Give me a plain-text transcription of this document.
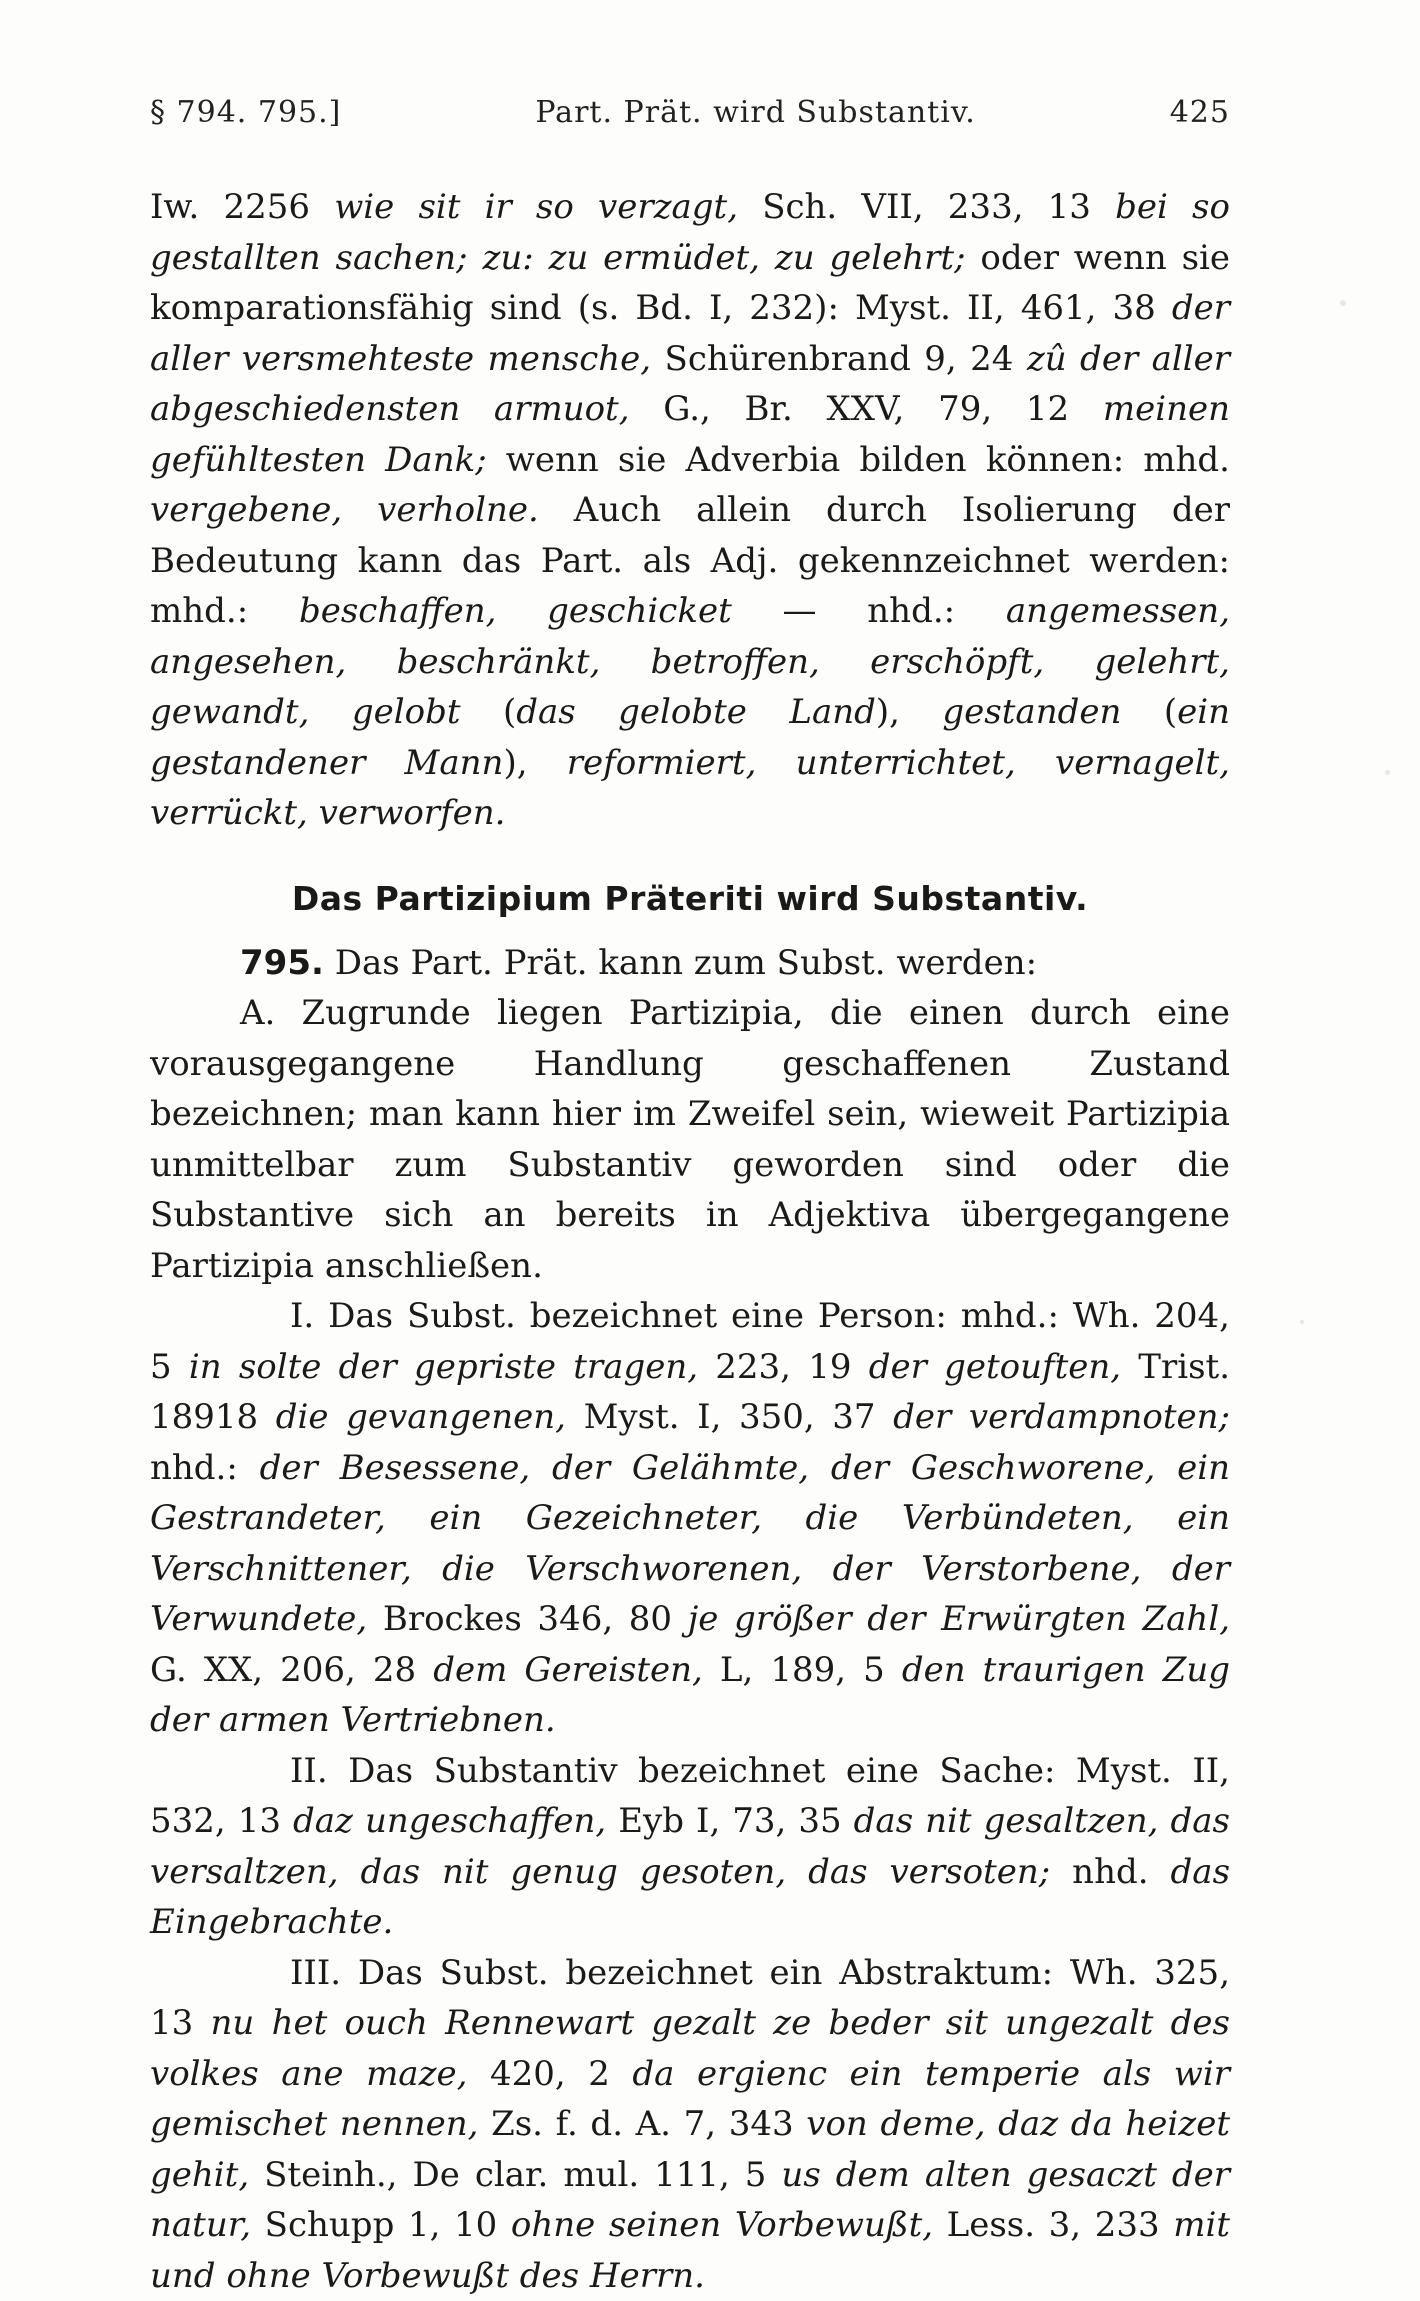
§ 794. 795.]	Part. Prät. wird Substantiv.	425

Iw. 2256 wie sit ir so verzagt, Sch. VII, 233, 13 bei so gestallten sachen; zu: zu ermüdet, zu gelehrt; oder wenn sie komparationsfähig sind (s. Bd. I, 232): Myst. II, 461, 38 der aller versmehteste mensche, Schürenbrand 9, 24 zû der aller abgeschiedensten armuot, G., Br. XXV, 79, 12 meinen gefühltesten Dank; wenn sie Adverbia bilden können: mhd. vergebene, verholne. Auch allein durch Isolierung der Bedeutung kann das Part. als Adj. gekennzeichnet werden: mhd.: beschaffen, geschicket — nhd.: angemessen, angesehen, beschränkt, betroffen, erschöpft, gelehrt, gewandt, gelobt (das gelobte Land), gestanden (ein gestandener Mann), reformiert, unterrichtet, vernagelt, verrückt, verworfen.

Das Partizipium Präteriti wird Substantiv.

795. Das Part. Prät. kann zum Subst. werden:

A. Zugrunde liegen Partizipia, die einen durch eine vorausgegangene Handlung geschaffenen Zustand bezeichnen; man kann hier im Zweifel sein, wieweit Partizipia unmittelbar zum Substantiv geworden sind oder die Substantive sich an bereits in Adjektiva übergegangene Partizipia anschließen.

I. Das Subst. bezeichnet eine Person: mhd.: Wh. 204, 5 in solte der gepriste tragen, 223, 19 der getouften, Trist. 18918 die gevangenen, Myst. I, 350, 37 der verdampnoten; nhd.: der Besessene, der Gelähmte, der Geschworene, ein Gestrandeter, ein Gezeichneter, die Verbündeten, ein Verschnittener, die Verschworenen, der Verstorbene, der Verwundete, Brockes 346, 80 je größer der Erwürgten Zahl, G. XX, 206, 28 dem Gereisten, L, 189, 5 den traurigen Zug der armen Vertriebnen.

II. Das Substantiv bezeichnet eine Sache: Myst. II, 532, 13 daz ungeschaffen, Eyb I, 73, 35 das nit gesaltzen, das versaltzen, das nit genug gesoten, das versoten; nhd. das Eingebrachte.

III. Das Subst. bezeichnet ein Abstraktum: Wh. 325, 13 nu het ouch Rennewart gezalt ze beder sit ungezalt des volkes ane maze, 420, 2 da ergienc ein temperie als wir gemischet nennen, Zs. f. d. A. 7, 343 von deme, daz da heizet gehit, Steinh., De clar. mul. 111, 5 us dem alten gesaczt der natur, Schupp 1, 10 ohne seinen Vorbewußt, Less. 3, 233 mit und ohne Vorbewußt des Herrn.
